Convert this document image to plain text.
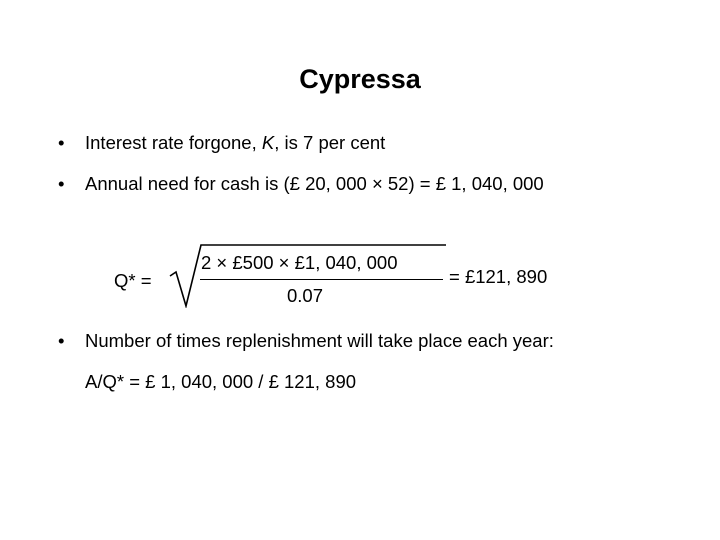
Cypressa
• Interest rate forgone, K, is 7 per cent
• Annual need for cash is (£ 20, 000 × 52) = £ 1, 040, 000
Q* =
2 × £500 × £1, 040, 000
0.07
= £121, 890
• Number of times replenishment will take place each year:
A/Q* = £ 1, 040, 000 / £ 121, 890
